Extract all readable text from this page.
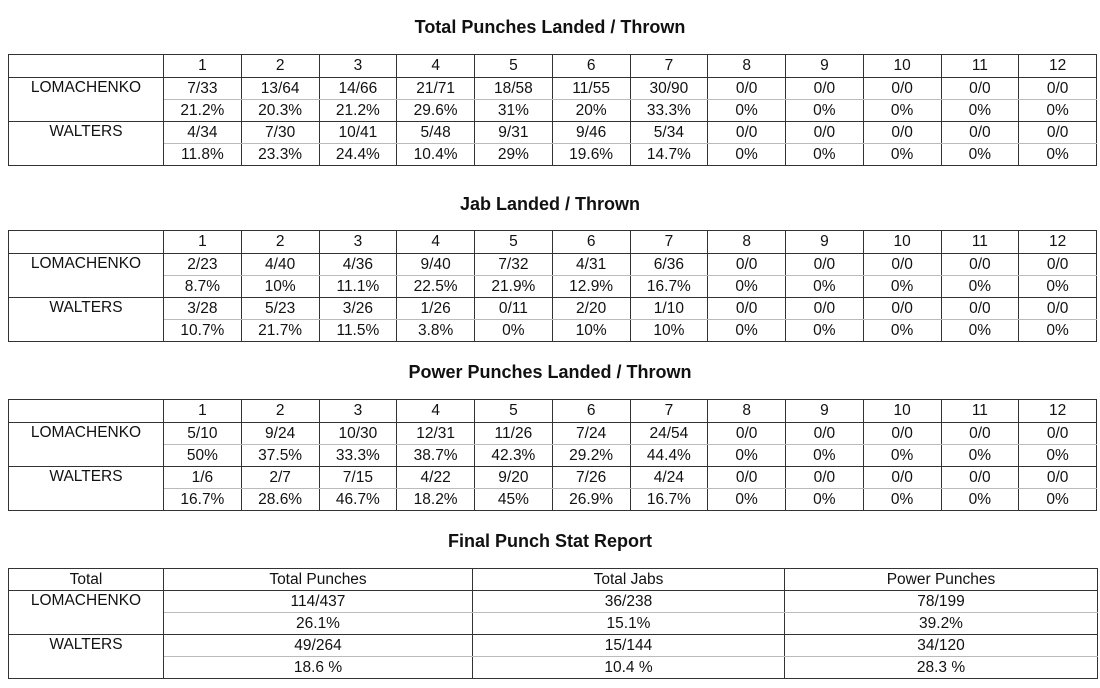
Total Punches Landed / Thrown
	1	2	3	4	5	6	7	8	9	10	11	12
LOMACHENKO	7/33	13/64	14/66	21/71	18/58	11/55	30/90	0/0	0/0	0/0	0/0	0/0
	21.2%	20.3%	21.2%	29.6%	31%	20%	33.3%	0%	0%	0%	0%	0%
WALTERS	4/34	7/30	10/41	5/48	9/31	9/46	5/34	0/0	0/0	0/0	0/0	0/0
	11.8%	23.3%	24.4%	10.4%	29%	19.6%	14.7%	0%	0%	0%	0%	0%
Jab Landed / Thrown
	1	2	3	4	5	6	7	8	9	10	11	12
LOMACHENKO	2/23	4/40	4/36	9/40	7/32	4/31	6/36	0/0	0/0	0/0	0/0	0/0
	8.7%	10%	11.1%	22.5%	21.9%	12.9%	16.7%	0%	0%	0%	0%	0%
WALTERS	3/28	5/23	3/26	1/26	0/11	2/20	1/10	0/0	0/0	0/0	0/0	0/0
	10.7%	21.7%	11.5%	3.8%	0%	10%	10%	0%	0%	0%	0%	0%
Power Punches Landed / Thrown
	1	2	3	4	5	6	7	8	9	10	11	12
LOMACHENKO	5/10	9/24	10/30	12/31	11/26	7/24	24/54	0/0	0/0	0/0	0/0	0/0
	50%	37.5%	33.3%	38.7%	42.3%	29.2%	44.4%	0%	0%	0%	0%	0%
WALTERS	1/6	2/7	7/15	4/22	9/20	7/26	4/24	0/0	0/0	0/0	0/0	0/0
	16.7%	28.6%	46.7%	18.2%	45%	26.9%	16.7%	0%	0%	0%	0%	0%
Final Punch Stat Report
Total	Total Punches	Total Jabs	Power Punches
LOMACHENKO	114/437	36/238	78/199
	26.1%	15.1%	39.2%
WALTERS	49/264	15/144	34/120
	18.6 %	10.4 %	28.3 %
